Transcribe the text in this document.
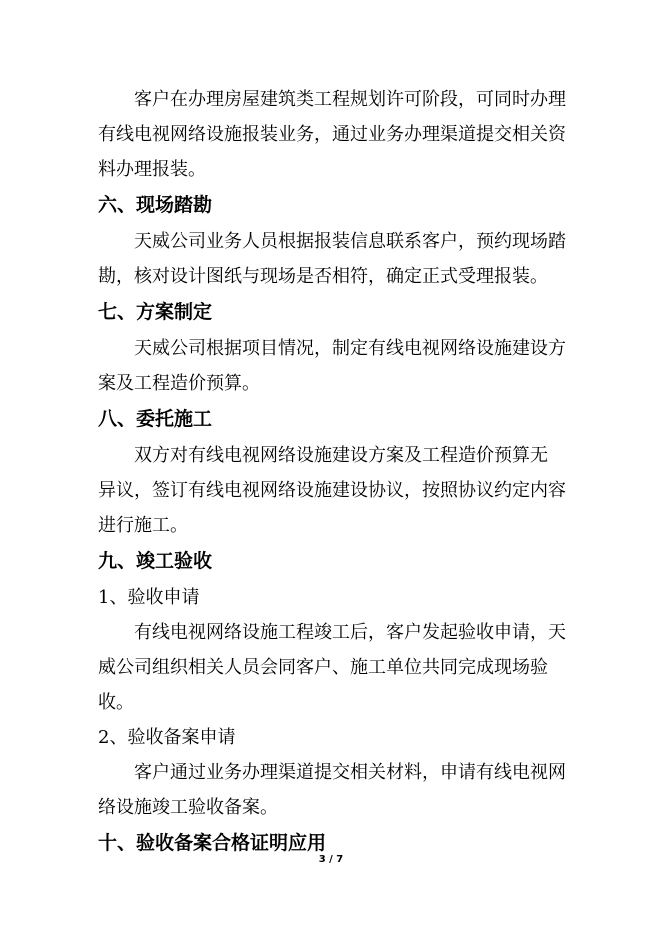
客户在办理房屋建筑类工程规划许可阶段，可同时办理
有线电视网络设施报装业务，通过业务办理渠道提交相关资
料办理报装。

六、现场踏勘

天威公司业务人员根据报装信息联系客户，预约现场踏
勘，核对设计图纸与现场是否相符，确定正式受理报装。

七、方案制定

天威公司根据项目情况，制定有线电视网络设施建设方
案及工程造价预算。

八、委托施工

双方对有线电视网络设施建设方案及工程造价预算无
异议，签订有线电视网络设施建设协议，按照协议约定内容
进行施工。

九、竣工验收
1、验收申请

有线电视网络设施工程竣工后，客户发起验收申请，天
威公司组织相关人员会同客户、施工单位共同完成现场验
收。

2、验收备案申请

客户通过业务办理渠道提交相关材料，申请有线电视网
络设施竣工验收备案。

十、验收备案合格证明应用
3 / 7
